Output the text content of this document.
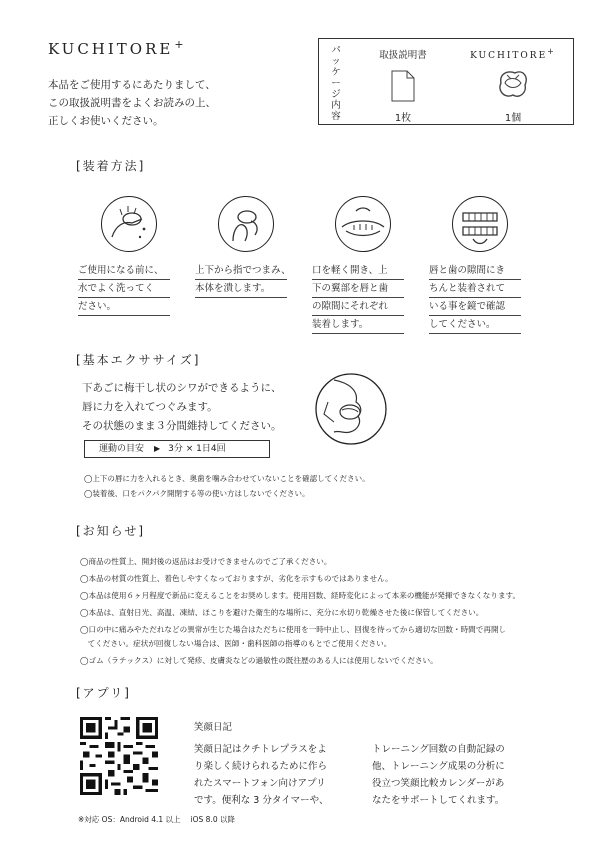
KUCHITORE+
本品をご使用するにあたりまして、
この取扱説明書をよくお読みの上、
正しくお使いください。
パ
ッ
ケ
ー
ジ
内
容
取扱説明書
1枚
KUCHITORE+
1個
[装着方法]
ご使用になる前に、
水でよく洗ってく
ださい。
上下から指でつまみ、
本体を潰します。
口を軽く開き、上
下の翼部を唇と歯
の隙間にそれぞれ
装着します。
唇と歯の隙間にき
ちんと装着されて
いる事を鏡で確認
してください。
[基本エクササイズ]
下あごに梅干し状のシワができるように、
唇に力を入れてつぐみます。
その状態のまま３分間維持してください。
運動の目安 ▶ 3分 × 1日4回
◯上下の唇に力を入れるとき、奥歯を噛み合わせていないことを確認してください。
◯装着後、口をパクパク開閉する等の使い方はしないでください。
[お知らせ]
◯商品の性質上、開封後の返品はお受けできませんのでご了承ください。
◯本品の材質の性質上、着色しやすくなっておりますが、劣化を示すものではありません。
◯本品は使用６ヶ月程度で新品に変えることをお奨めします。使用回数、経時変化によって本来の機能が発揮できなくなります。
◯本品は、直射日光、高温、凍結、ほこりを避けた衛生的な場所に、充分に水切り乾燥させた後に保管してください。
◯口の中に痛みやただれなどの異常が生じた場合はただちに使用を一時中止し、回復を待ってから適切な回数・時間で再開し
　てください。症状が回復しない場合は、医師・歯科医師の指導のもとでご使用ください。
◯ゴム（ラテックス）に対して発疹、皮膚炎などの過敏性の既往歴のある人には使用しないでください。
[アプリ]
笑顔日記
笑顔日記はクチトレプラスをよ
り楽しく続けられるために作ら
れたスマートフォン向けアプリ
です。便利な 3 分タイマーや、
トレーニング回数の自動記録の
他、トレーニング成果の分析に
役立つ笑顔比較カレンダーがあ
なたをサポートしてくれます。
※対応 OS：Android 4.1 以上 iOS 8.0 以降
